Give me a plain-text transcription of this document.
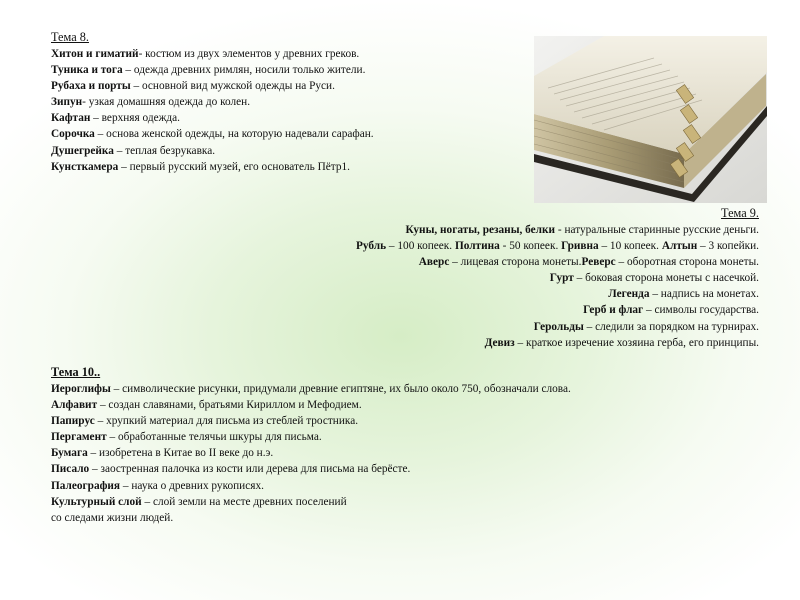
Тема 8.
Хитон и гиматий- костюм из двух элементов у древних греков.
Туника и тога – одежда древних римлян, носили только жители.
Рубаха и порты – основной вид мужской одежды на Руси.
Зипун- узкая домашняя одежда до колен.
Кафтан – верхняя одежда.
Сорочка – основа женской одежды, на которую надевали сарафан.
Душегрейка – теплая безрукавка.
Кунсткамера – первый русский музей, его основатель Пётр1.
Тема 9.
Куны, ногаты, резаны, белки - натуральные старинные русские деньги.
Рубль – 100 копеек. Полтина - 50 копеек. Гривна – 10 копеек. Алтын – 3 копейки.
Аверс – лицевая сторона монеты.Реверс – оборотная сторона монеты.
Гурт – боковая сторона монеты с насечкой.
Легенда – надпись на монетах.
Герб и флаг – символы государства.
Герольды – следили за порядком на турнирах.
Девиз – краткое изречение хозяина герба, его принципы.
Тема 10..
Иероглифы – символические рисунки, придумали древние египтяне, их было около 750, обозначали слова.
Алфавит – создан славянами, братьями Кириллом и Мефодием.
Папирус – хрупкий материал для письма из стеблей тростника.
Пергамент – обработанные телячьи шкуры для письма.
Бумага – изобретена в Китае во II веке до н.э.
Писало – заостренная палочка из кости или дерева для письма на берёсте.
Палеография – наука о древних рукописях.
Культурный слой – слой земли на месте древних поселений
со следами жизни людей.
